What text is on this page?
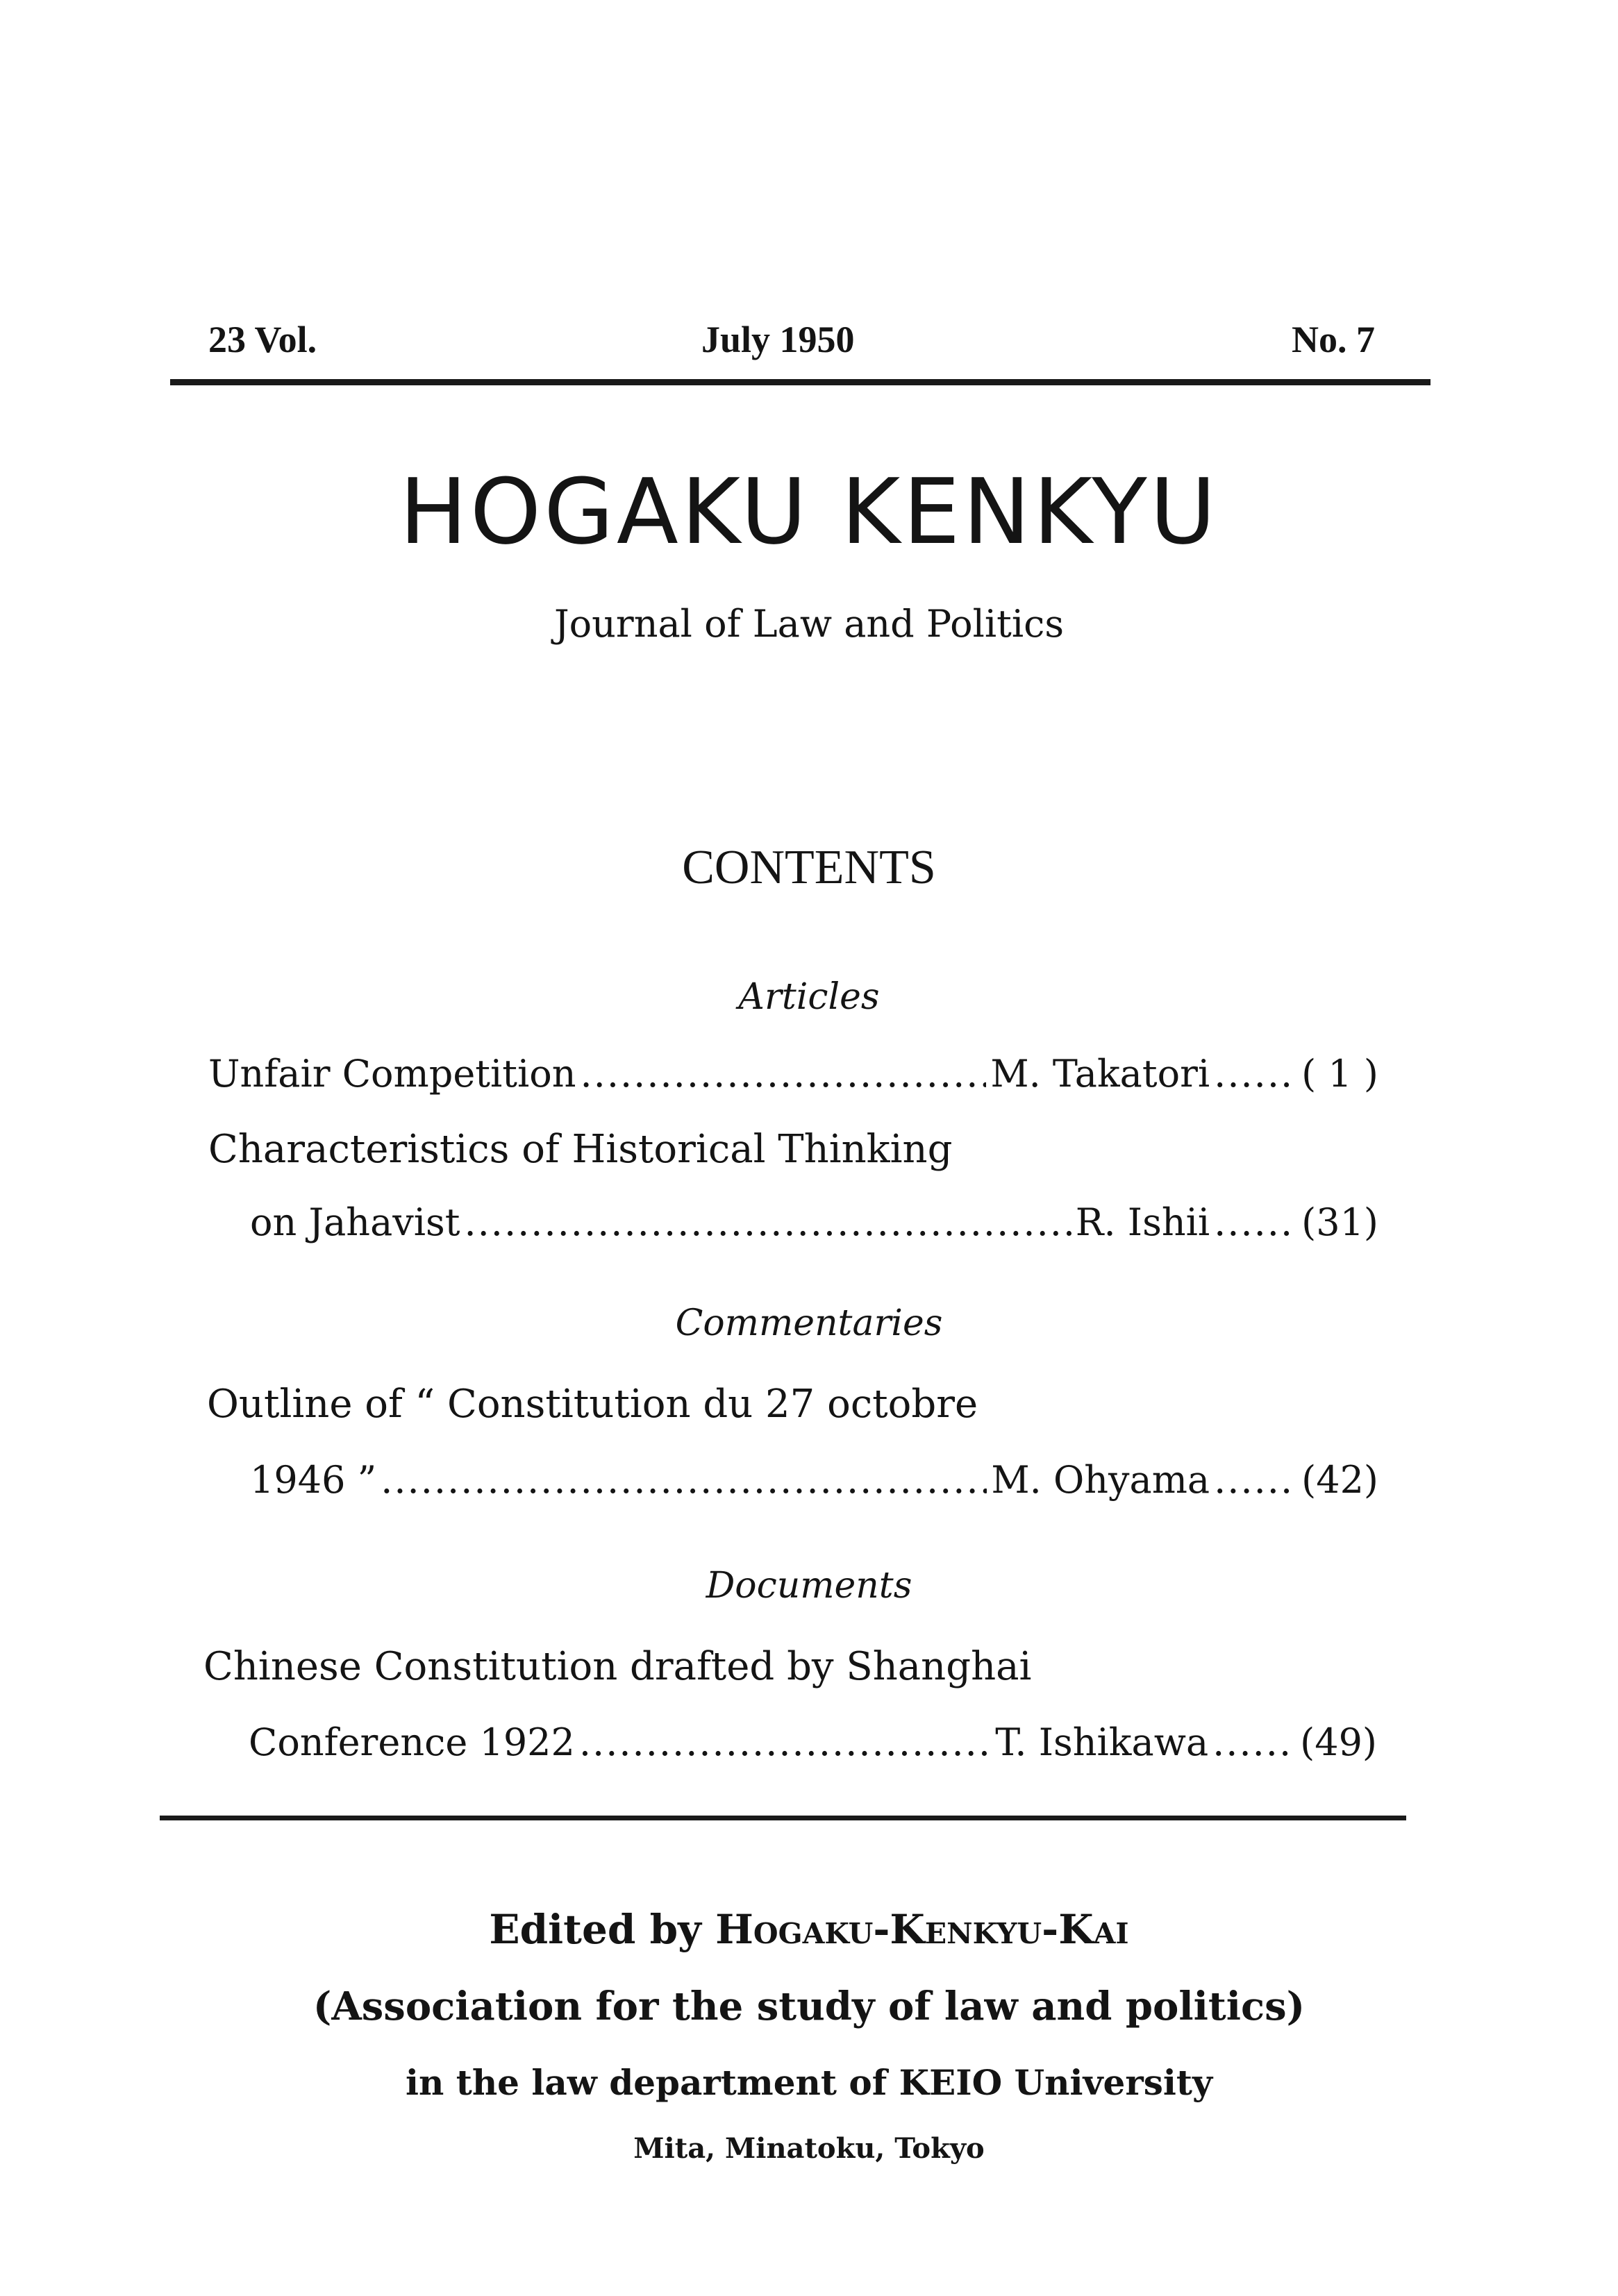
23 Vol.	July 1950	No. 7

HOGAKU KENKYU

Journal of Law and Politics

CONTENTS

Articles

Unfair Competition .....	M. Takatori ..... ( 1 )

Characteristics of Historical Thinking

on Jahavist .....	R. Ishii ..... (31)

Commentaries

Outline of “ Constitution du 27 octobre

1946 ” .....	M. Ohyama ..... (42)

Documents

Chinese Constitution drafted by Shanghai

Conference 1922 .....	T. Ishikawa ..... (49)

Edited by Hogaku-Kenkyu-Kai

(Association for the study of law and politics)

in the law department of KEIO University

Mita, Minatoku, Tokyo
